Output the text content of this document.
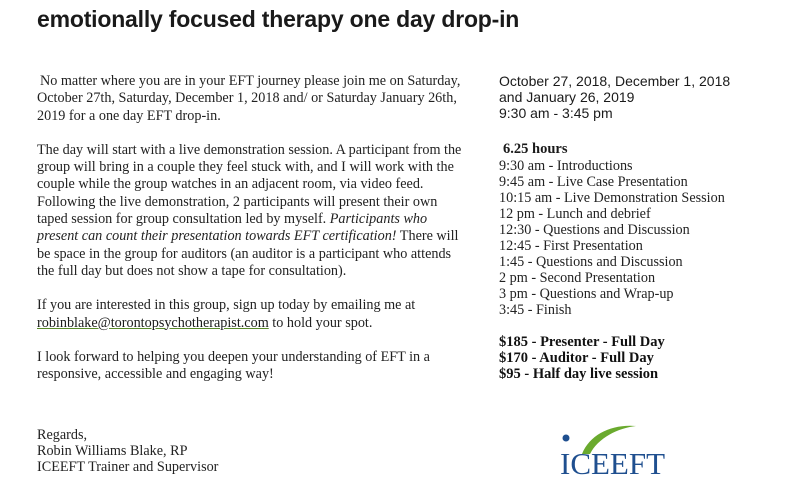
emotionally focused therapy one day drop-in

No matter where you are in your EFT journey please join me on Saturday, October 27th, Saturday, December 1, 2018 and/ or Saturday January 26th, 2019 for a one day EFT drop-in.

The day will start with a live demonstration session. A participant from the group will bring in a couple they feel stuck with, and I will work with the couple while the group watches in an adjacent room, via video feed. Following the live demonstration, 2 participants will present their own taped session for group consultation led by myself. Participants who present can count their presentation towards EFT certification! There will be space in the group for auditors (an auditor is a participant who attends the full day but does not show a tape for consultation).

If you are interested in this group, sign up today by emailing me at robinblake@torontopsychotherapist.com to hold your spot.

I look forward to helping you deepen your understanding of EFT in a responsive, accessible and engaging way!

Regards,
Robin Williams Blake, RP
ICEEFT Trainer and Supervisor
October 27, 2018, December 1, 2018
and January 26, 2019
9:30 am - 3:45 pm
6.25 hours
9:30 am - Introductions
9:45 am - Live Case Presentation
10:15 am - Live Demonstration Session
12 pm - Lunch and debrief
12:30 - Questions and Discussion
12:45 - First Presentation
1:45 - Questions and Discussion
2 pm - Second Presentation
3 pm - Questions and Wrap-up
3:45 - Finish
$185 - Presenter - Full Day
$170 - Auditor - Full Day
$95 - Half day live session
ICEEFT
